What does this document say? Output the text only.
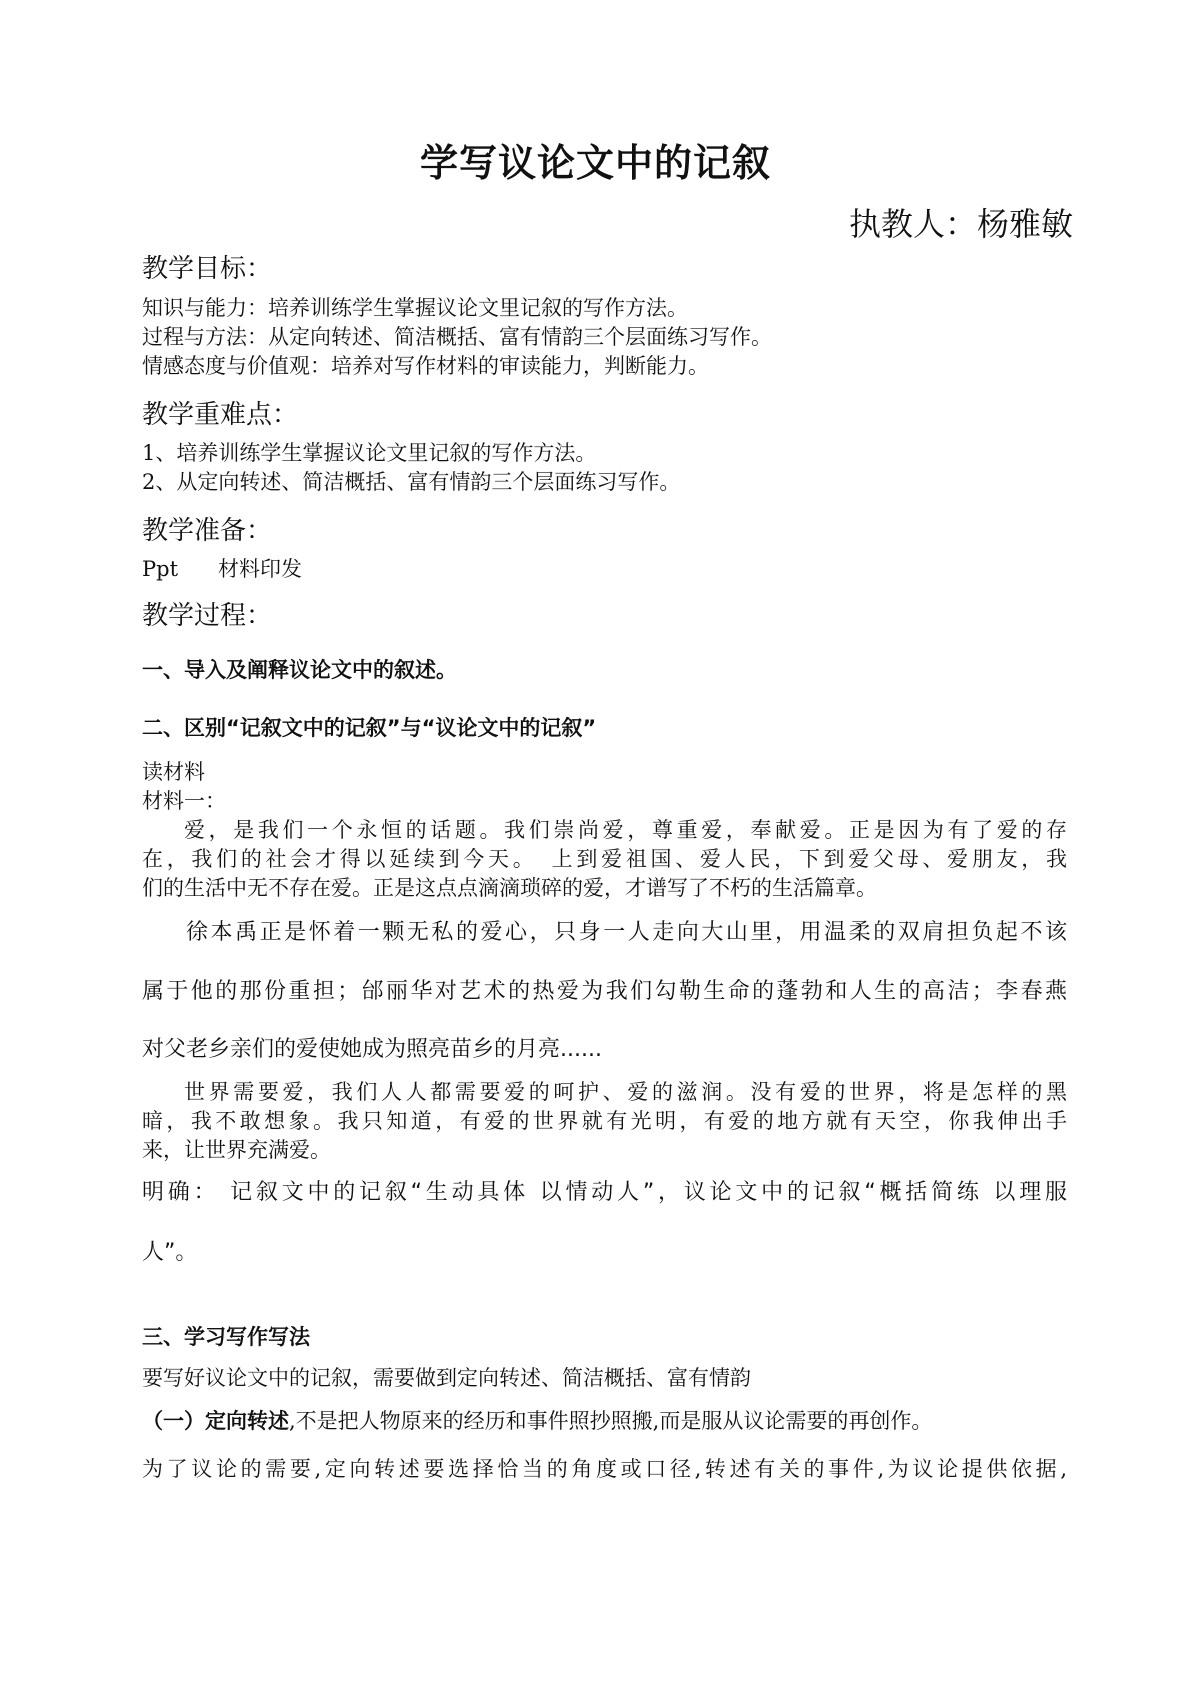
学写议论文中的记叙
执教人：杨雅敏
教学目标：
知识与能力：培养训练学生掌握议论文里记叙的写作方法。
过程与方法：从定向转述、简洁概括、富有情韵三个层面练习写作。
情感态度与价值观：培养对写作材料的审读能力，判断能力。
教学重难点：
1、培养训练学生掌握议论文里记叙的写作方法。
2、从定向转述、简洁概括、富有情韵三个层面练习写作。
教学准备：
Ppt 材料印发
教学过程：
一、导入及阐释议论文中的叙述。
二、区别“记叙文中的记叙”与“议论文中的记叙”
读材料
材料一：
爱，是我们一个永恒的话题。我们崇尚爱，尊重爱，奉献爱。正是因为有了爱的存
在，我们的社会才得以延续到今天。　上到爱祖国、爱人民，下到爱父母、爱朋友，我
们的生活中无不存在爱。正是这点点滴滴琐碎的爱，才谱写了不朽的生活篇章。
徐本禹正是怀着一颗无私的爱心，只身一人走向大山里，用温柔的双肩担负起不该
属于他的那份重担；邰丽华对艺术的热爱为我们勾勒生命的蓬勃和人生的高洁；李春燕
对父老乡亲们的爱使她成为照亮苗乡的月亮......
世界需要爱，我们人人都需要爱的呵护、爱的滋润。没有爱的世界，将是怎样的黑
暗，我不敢想象。我只知道，有爱的世界就有光明，有爱的地方就有天空，你我伸出手
来，让世界充满爱。
明确： 记叙文中的记叙“生动具体 以情动人”，议论文中的记叙“概括简练 以理服
人”。
三、学习写作写法
要写好议论文中的记叙，需要做到定向转述、简洁概括、富有情韵
（一）定向转述,不是把人物原来的经历和事件照抄照搬,而是服从议论需要的再创作。
为了议论的需要,定向转述要选择恰当的角度或口径,转述有关的事件,为议论提供依据,
